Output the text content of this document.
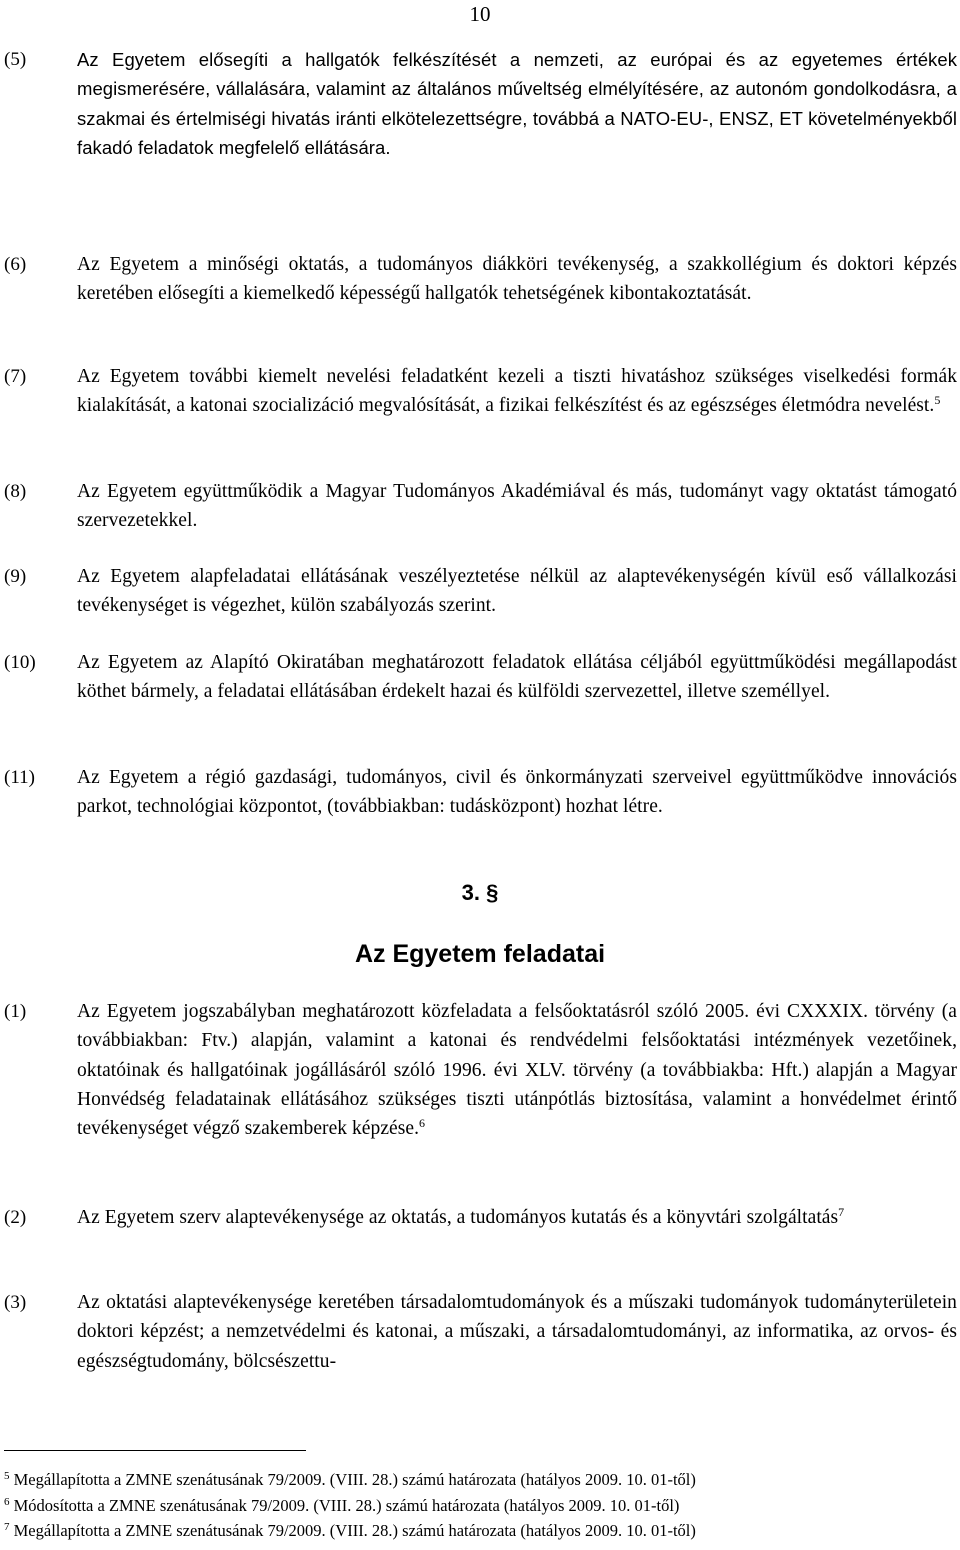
10
(5)	Az Egyetem elősegíti a hallgatók felkészítését a nemzeti, az európai és az egyetemes értékek megismerésére, vállalására, valamint az általános műveltség elmélyítésére, az autonóm gondolkodásra, a szakmai és értelmiségi hivatás iránti elkötelezettségre, továbbá a NATO-EU-, ENSZ, ET követelményekből fakadó feladatok megfelelő ellátására.
(6)	Az Egyetem a minőségi oktatás, a tudományos diákköri tevékenység, a szakkollégium és doktori képzés keretében elősegíti a kiemelkedő képességű hallgatók tehetségének kibontakoztatását.
(7)	Az Egyetem további kiemelt nevelési feladatként kezeli a tiszti hivatáshoz szükséges viselkedési formák kialakítását, a katonai szocializáció megvalósítását, a fizikai felkészítést és az egészséges életmódra nevelést.$^5$
(8)	Az Egyetem együttműködik a Magyar Tudományos Akadémiával és más, tudományt vagy oktatást támogató szervezetekkel.
(9)	Az Egyetem alapfeladatai ellátásának veszélyeztetése nélkül az alaptevékenységén kívül eső vállalkozási tevékenységet is végezhet, külön szabályozás szerint.
(10) Az Egyetem az Alapító Okiratában meghatározott feladatok ellátása céljából együttműködési megállapodást köthet bármely, a feladatai ellátásában érdekelt hazai és külföldi szervezettel, illetve személlyel.
(11) Az Egyetem a régió gazdasági, tudományos, civil és önkormányzati szerveivel együttműködve innovációs parkot, technológiai központot, (továbbiakban: tudásközpont) hozhat létre.
3. §
Az Egyetem feladatai
(1)	Az Egyetem jogszabályban meghatározott közfeladata a felsőoktatásról szóló 2005. évi CXXXIX. törvény (a továbbiakban: Ftv.) alapján, valamint a katonai és rendvédelmi felsőoktatási intézmények vezetőinek, oktatóinak és hallgatóinak jogállásáról szóló 1996. évi XLV. törvény (a továbbiakba: Hft.) alapján a Magyar Honvédség feladatainak ellátásához szükséges tiszti utánpótlás biztosítása, valamint a honvédelmet érintő tevékenységet végző szakemberek képzése.$^6$
(2)	Az Egyetem szerv alaptevékenysége az oktatás, a tudományos kutatás és a könyvtári szolgáltatás$^7$
(3)	Az oktatási alaptevékenysége keretében társadalomtudományok és a műszaki tudományok tudományterületein doktori képzést; a nemzetvédelmi és katonai, a műszaki, a társadalomtudományi, az informatika, az orvos- és egészségtudomány, bölcsészettu-
$^5$ Megállapította a ZMNE szenátusának 79/2009. (VIII. 28.) számú határozata (hatályos 2009. 10. 01-től)
$^6$ Módosította a ZMNE szenátusának 79/2009. (VIII. 28.) számú határozata (hatályos 2009. 10. 01-től)
$^7$ Megállapította a ZMNE szenátusának 79/2009. (VIII. 28.) számú határozata (hatályos 2009. 10. 01-től)
